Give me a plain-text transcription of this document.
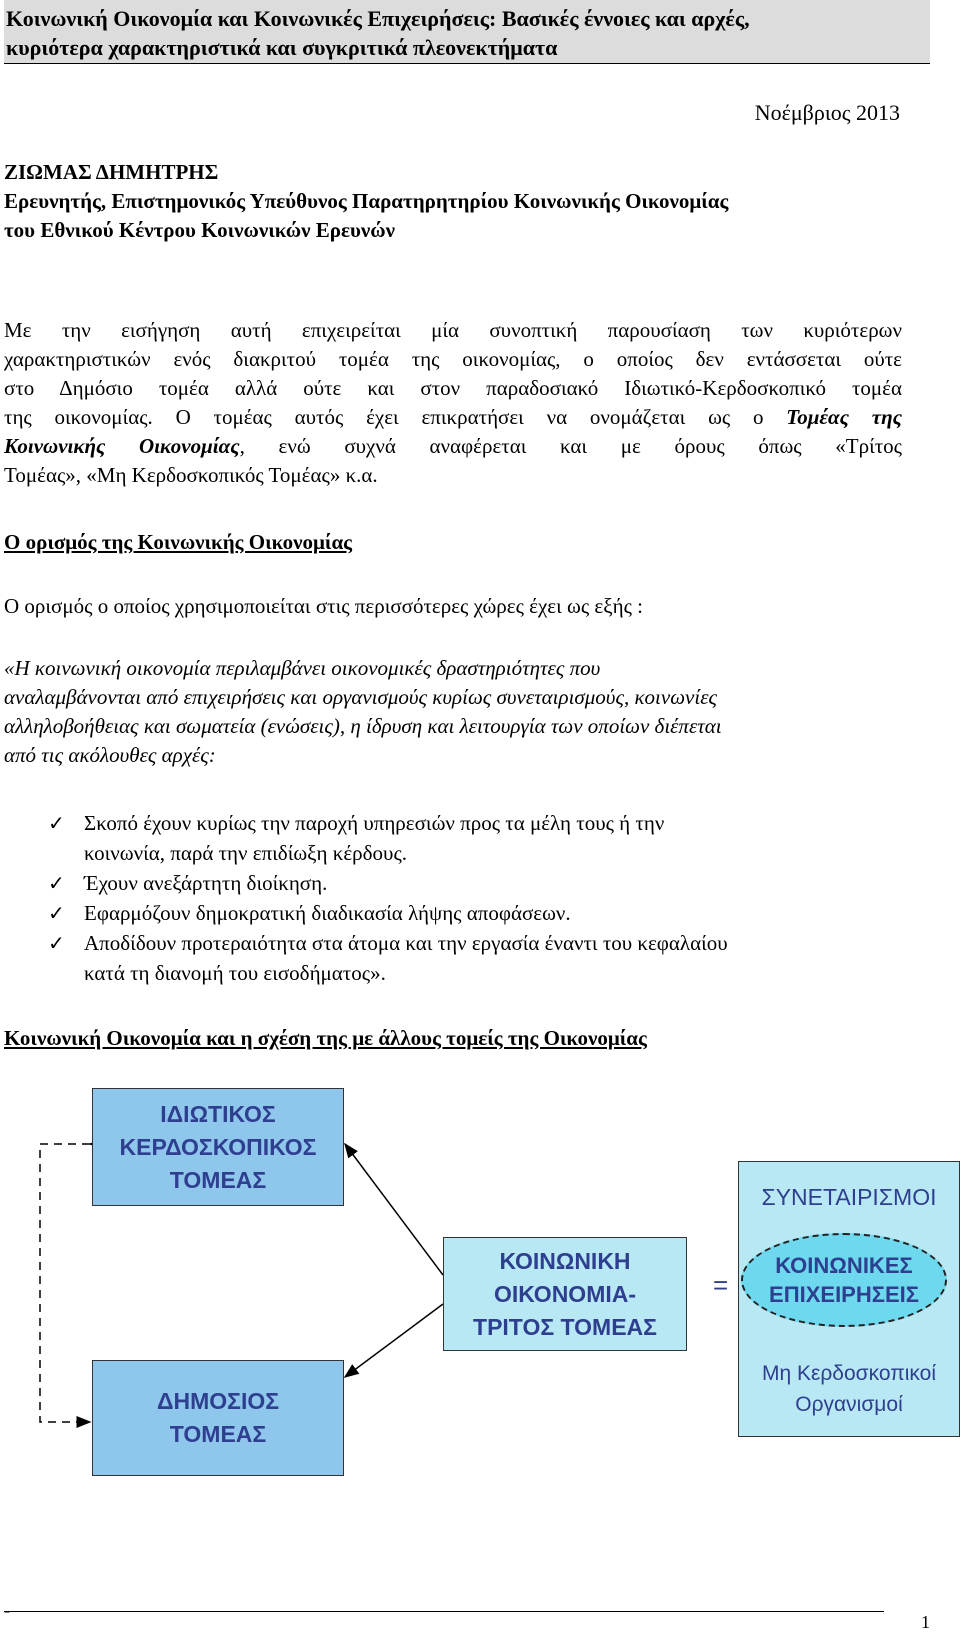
Κοινωνική Οικονομία και Κοινωνικές Επιχειρήσεις: Βασικές έννοιες και αρχές,
κυριότερα χαρακτηριστικά και συγκριτικά πλεονεκτήματα
Νοέμβριος 2013
ΖΙΩΜΑΣ ΔΗΜΗΤΡΗΣ
Ερευνητής, Επιστημονικός Υπεύθυνος Παρατηρητηρίου Κοινωνικής Οικονομίας
του Εθνικού Κέντρου Κοινωνικών Ερευνών
Με την εισήγηση αυτή επιχειρείται μία συνοπτική παρουσίαση των κυριότερων
χαρακτηριστικών ενός διακριτού τομέα της οικονομίας, ο οποίος δεν εντάσσεται ούτε
στο Δημόσιο τομέα αλλά ούτε και στον παραδοσιακό Ιδιωτικό-Κερδοσκοπικό τομέα
της οικονομίας. Ο τομέας αυτός έχει επικρατήσει να ονομάζεται ως ο Τομέας της
Κοινωνικής Οικονομίας, ενώ συχνά αναφέρεται και με όρους όπως «Τρίτος
Τομέας», «Μη Κερδοσκοπικός Τομέας» κ.α.
Ο ορισμός της Κοινωνικής Οικονομίας
Ο ορισμός ο οποίος χρησιμοποιείται στις περισσότερες χώρες έχει ως εξής :
«Η κοινωνική οικονομία περιλαμβάνει οικονομικές δραστηριότητες που
αναλαμβάνονται από επιχειρήσεις και οργανισμούς κυρίως συνεταιρισμούς, κοινωνίες
αλληλοβοήθειας και σωματεία (ενώσεις), η ίδρυση και λειτουργία των οποίων διέπεται
από τις ακόλουθες αρχές:
✓ Σκοπό έχουν κυρίως την παροχή υπηρεσιών προς τα μέλη τους ή την
κοινωνία, παρά την επιδίωξη κέρδους.
✓ Έχουν ανεξάρτητη διοίκηση.
✓ Εφαρμόζουν δημοκρατική διαδικασία λήψης αποφάσεων.
✓ Αποδίδουν προτεραιότητα στα άτομα και την εργασία έναντι του κεφαλαίου
κατά τη διανομή του εισοδήματος».
Κοινωνική Οικονομία και η σχέση της με άλλους τομείς της Οικονομίας
ΙΔΙΩΤΙΚΟΣ
ΚΕΡΔΟΣΚΟΠΙΚΟΣ
ΤΟΜΕΑΣ
ΔΗΜΟΣΙΟΣ
ΤΟΜΕΑΣ
ΚΟΙΝΩΝΙΚΗ
ΟΙΚΟΝΟΜΙΑ-
ΤΡΙΤΟΣ ΤΟΜΕΑΣ
=
ΣΥΝΕΤΑΙΡΙΣΜΟΙ
ΚΟΙΝΩΝΙΚΕΣ
ΕΠΙΧΕΙΡΗΣΕΙΣ
Μη Κερδοσκοπικοί
Οργανισμοί
-
1
